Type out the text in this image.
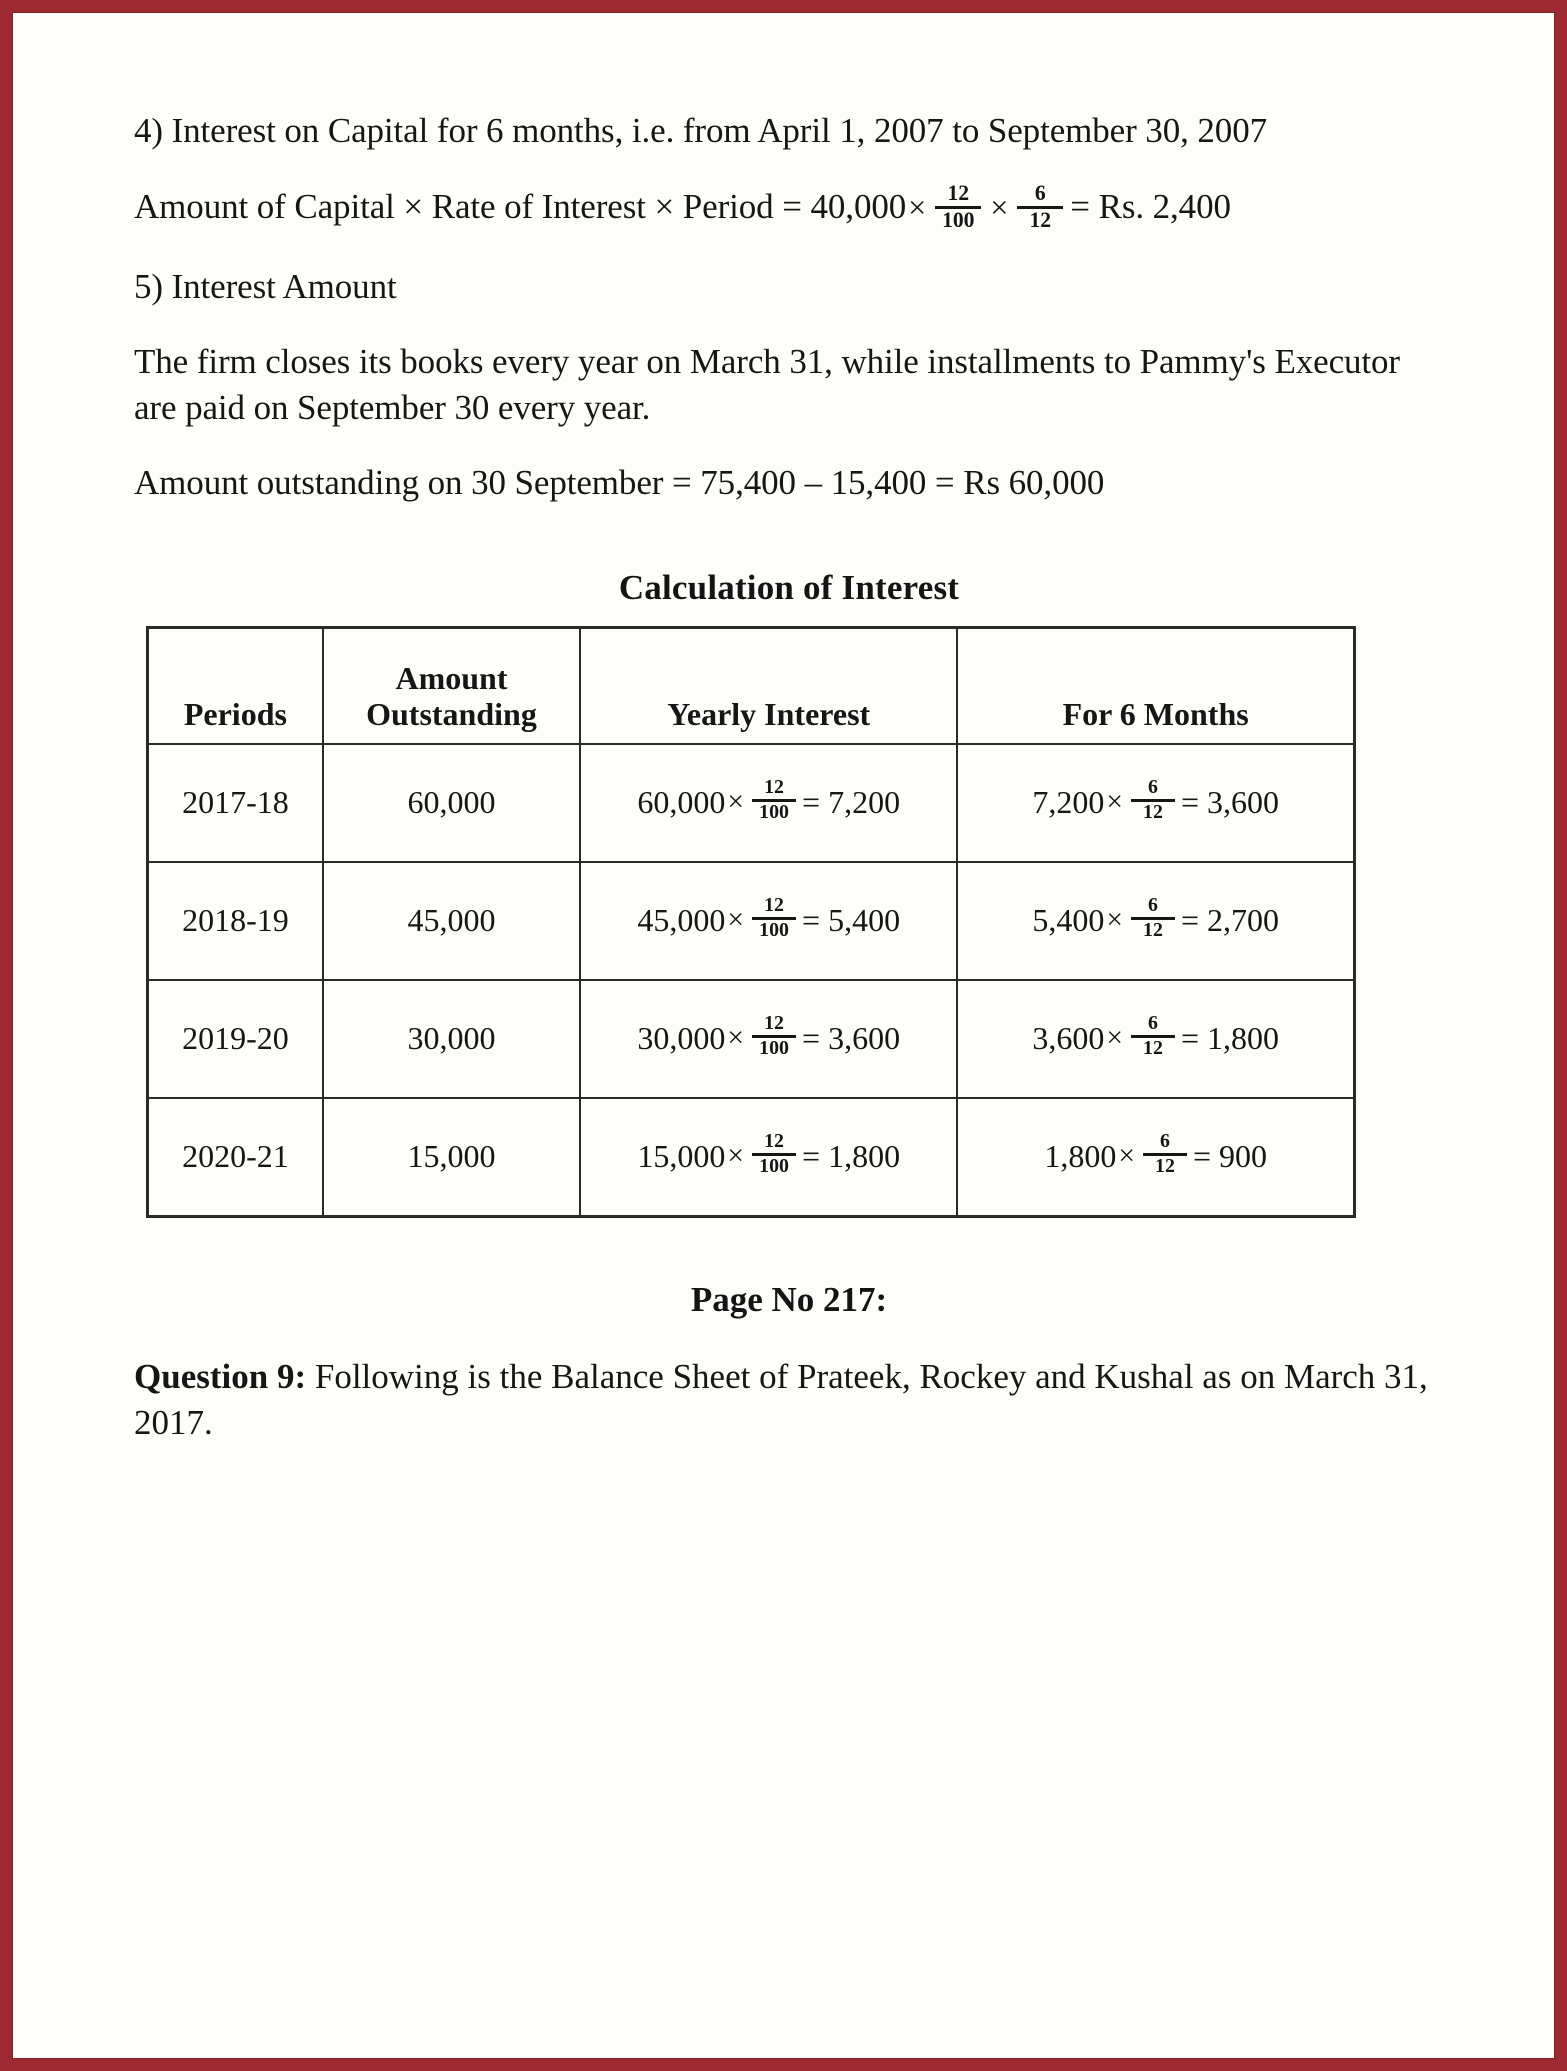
4) Interest on Capital for 6 months, i.e. from April 1, 2007 to September 30, 2007

Amount of Capital × Rate of Interest × Period = $40,000\times \frac{12}{100} \times \frac{6}{12} = Rs$. 2,400

5) Interest Amount

The firm closes its books every year on March 31, while installments to Pammy's Executor are paid on September 30 every year.

Amount outstanding on 30 September = 75,400 – 15,400 = Rs 60,000

Calculation of Interest
Periods	Amount Outstanding	Yearly Interest	For 6 Months
2017-18	60,000	$60,000 \times \frac{12}{100} = 7,200$	$7,200 \times \frac{6}{12} = 3,600$

2018-19	45,000	$45,000 \times \frac{12}{100} = 5,400$	$5,400 \times \frac{6}{12} = 2,700$

2019-20	30,000	$30,000 \times \frac{12}{100} = 3,600$	$3,600 \times \frac{6}{12} = 1,800$

2020-21	15,000	$15,000 \times \frac{12}{100} = 1,800$	$1,800 \times \frac{6}{12} = 900$
Page No 217:

Question 9: Following is the Balance Sheet of Prateek, Rockey and Kushal as on March 31, 2017.
